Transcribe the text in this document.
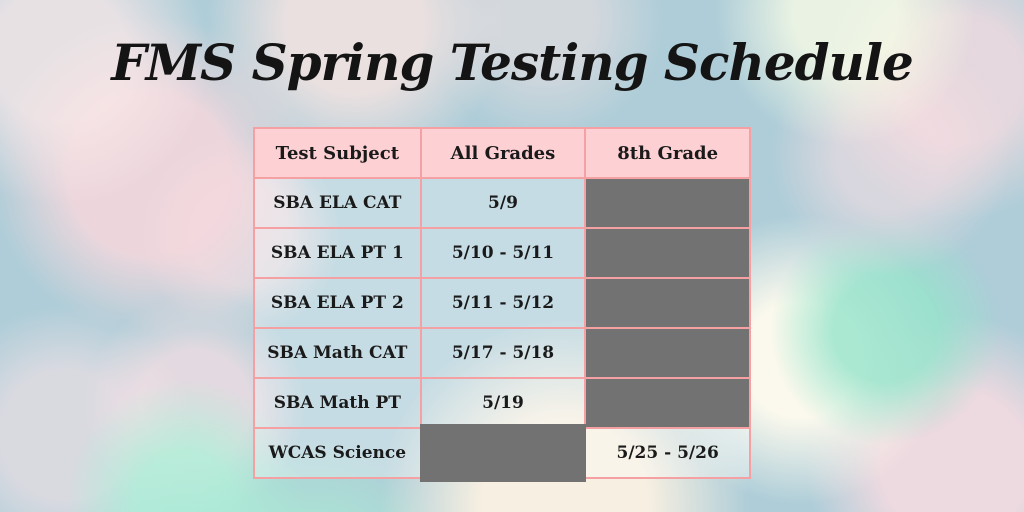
FMS Spring Testing Schedule
Test Subject	All Grades	8th Grade
SBA ELA CAT	5/9	
SBA ELA PT 1	5/10 - 5/11	
SBA ELA PT 2	5/11 - 5/12	
SBA Math CAT	5/17 - 5/18	
SBA Math PT	5/19	
WCAS Science		5/25 - 5/26
